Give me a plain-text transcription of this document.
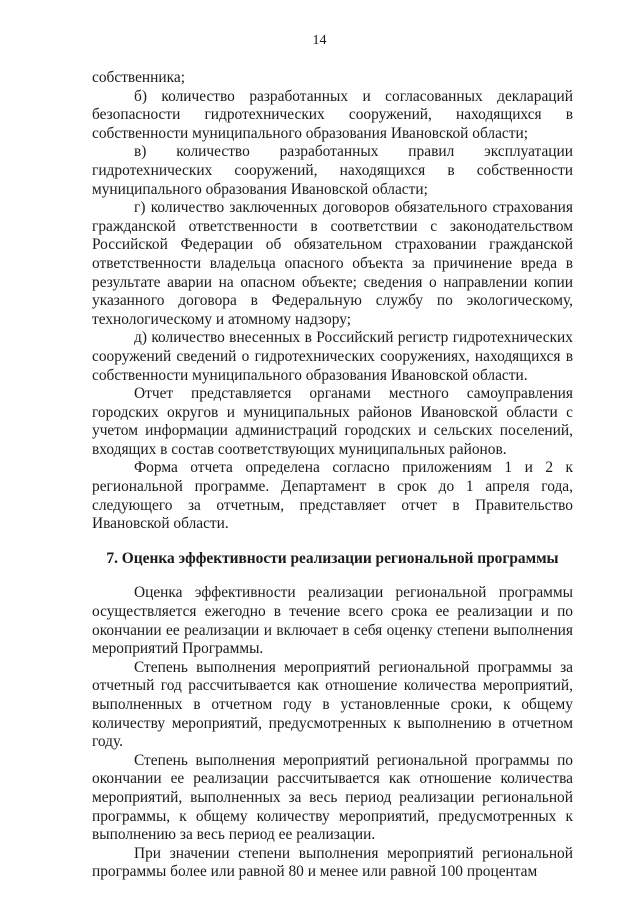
14

собственника;

б) количество разработанных и согласованных деклараций безопасности гидротехнических сооружений, находящихся в собственности муниципального образования Ивановской области;

в) количество разработанных правил эксплуатации гидротехнических сооружений, находящихся в собственности муниципального образования Ивановской области;

г) количество заключенных договоров обязательного страхования гражданской ответственности в соответствии с законодательством Российской Федерации об обязательном страховании гражданской ответственности владельца опасного объекта за причинение вреда в результате аварии на опасном объекте; сведения о направлении копии указанного договора в Федеральную службу по экологическому, технологическому и атомному надзору;

д) количество внесенных в Российский регистр гидротехнических сооружений сведений о гидротехнических сооружениях, находящихся в собственности муниципального образования Ивановской области.

Отчет представляется органами местного самоуправления городских округов и муниципальных районов Ивановской области с учетом информации администраций городских и сельских поселений, входящих в состав соответствующих муниципальных районов.

Форма отчета определена согласно приложениям 1 и 2 к региональной программе. Департамент в срок до 1 апреля года, следующего за отчетным, представляет отчет в Правительство Ивановской области.

7. Оценка эффективности реализации региональной программы

Оценка эффективности реализации региональной программы осуществляется ежегодно в течение всего срока ее реализации и по окончании ее реализации и включает в себя оценку степени выполнения мероприятий Программы.

Степень выполнения мероприятий региональной программы за отчетный год рассчитывается как отношение количества мероприятий, выполненных в отчетном году в установленные сроки, к общему количеству мероприятий, предусмотренных к выполнению в отчетном году.

Степень выполнения мероприятий региональной программы по окончании ее реализации рассчитывается как отношение количества мероприятий, выполненных за весь период реализации региональной программы, к общему количеству мероприятий, предусмотренных к выполнению за весь период ее реализации.

При значении степени выполнения мероприятий региональной программы более или равной 80 и менее или равной 100 процентам
